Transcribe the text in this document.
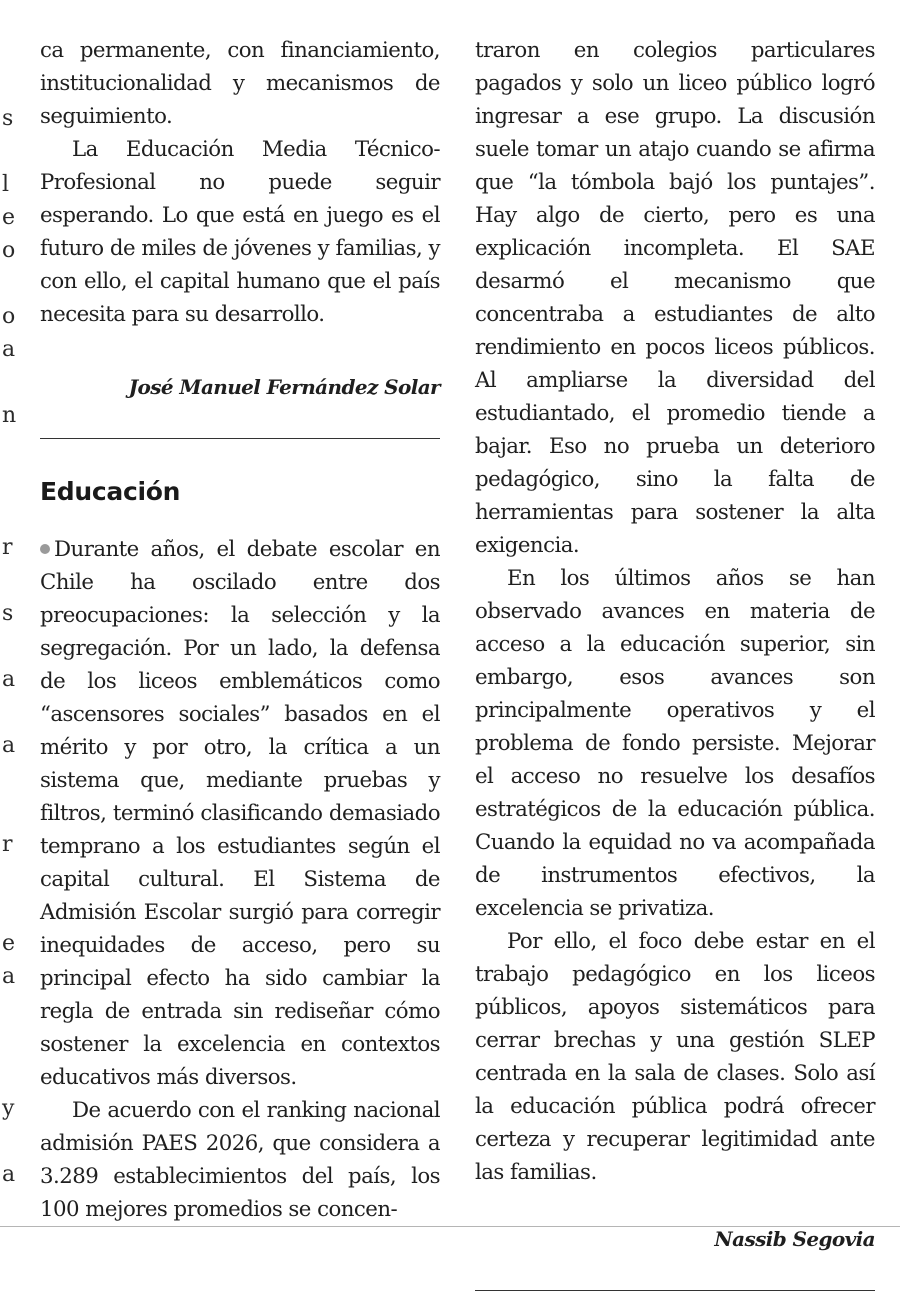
s
l
e
o
o
a
n
r
s
a
a
r
e
a
y
a

ca permanente, con financiamiento, institucionalidad y mecanismos de seguimiento.

La Educación Media Técnico-Profesional no puede seguir esperando. Lo que está en juego es el futuro de miles de jóvenes y familias, y con ello, el capital humano que el país necesita para su desarrollo.

José Manuel Fernández Solar
Educación

Durante años, el debate escolar en Chile ha oscilado entre dos preocupaciones: la selección y la segregación. Por un lado, la defensa de los liceos emblemáticos como “ascensores sociales” basados en el mérito y por otro, la crítica a un sistema que, mediante pruebas y filtros, terminó clasificando demasiado temprano a los estudiantes según el capital cultural. El Sistema de Admisión Escolar surgió para corregir inequidades de acceso, pero su principal efecto ha sido cambiar la regla de entrada sin rediseñar cómo sostener la excelencia en contextos educativos más diversos.

De acuerdo con el ranking nacional admisión PAES 2026, que considera a 3.289 establecimientos del país, los 100 mejores promedios se concen-

traron en colegios particulares pagados y solo un liceo público logró ingresar a ese grupo. La discusión suele tomar un atajo cuando se afirma que “la tómbola bajó los puntajes”. Hay algo de cierto, pero es una explicación incompleta. El SAE desarmó el mecanismo que concentraba a estudiantes de alto rendimiento en pocos liceos públicos. Al ampliarse la diversidad del estudiantado, el promedio tiende a bajar. Eso no prueba un deterioro pedagógico, sino la falta de herramientas para sostener la alta exigencia.

En los últimos años se han observado avances en materia de acceso a la educación superior, sin embargo, esos avances son principalmente operativos y el problema de fondo persiste. Mejorar el acceso no resuelve los desafíos estratégicos de la educación pública. Cuando la equidad no va acompañada de instrumentos efectivos, la excelencia se privatiza.

Por ello, el foco debe estar en el trabajo pedagógico en los liceos públicos, apoyos sistemáticos para cerrar brechas y una gestión SLEP centrada en la sala de clases. Solo así la educación pública podrá ofrecer certeza y recuperar legitimidad ante las familias.

Nassib Segovia
